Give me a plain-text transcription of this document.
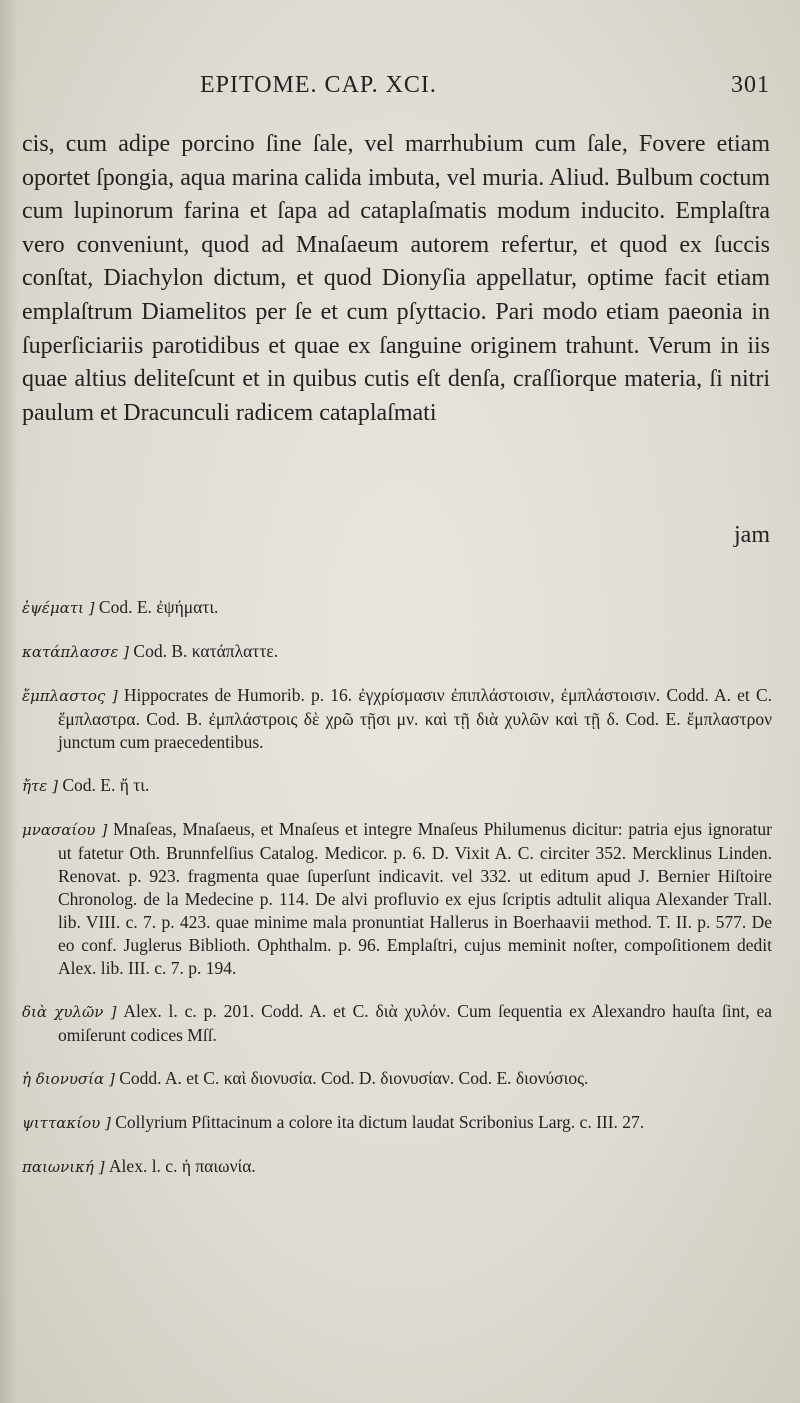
EPITOME. CAP. XCI.	301

cis, cum adipe porcino ſine ſale, vel marrhubium cum ſale, Fovere etiam oportet ſpongia, aqua marina calida imbuta, vel muria. Aliud. Bulbum coctum cum lupinorum farina et ſapa ad cataplaſmatis modum inducito. Emplaſtra vero conveniunt, quod ad Mnaſaeum autorem refertur, et quod ex ſuccis conſtat, Diachylon dictum, et quod Dionyſia appellatur, optime facit etiam emplaſtrum Diamelitos per ſe et cum pſyttacio. Pari modo etiam paeonia in ſuperſiciariis parotidibus et quae ex ſanguine originem trahunt. Verum in iis quae altius deliteſcunt et in quibus cutis eſt denſa, craſſiorque materia, ſi nitri paulum et Dracunculi radicem cataplaſmati

jam
ἐψέματι ] Cod. E. ἐψήματι.
κατάπλασσε ] Cod. B. κατάπλαττε.
ἔμπλαστος ] Hippocrates de Humorib. p. 16. ἐγχρίσμασιν ἐπιπλάστοισιν, ἐμπλάστοισιν. Codd. A. et C. ἔμπλαστρα. Cod. B. ἐμπλάστροις δὲ χρῶ τῇσι μν. καὶ τῇ διὰ χυλῶν καὶ τῇ δ. Cod. E. ἔμπλαστρον junctum cum praecedentibus.
ἤτε ] Cod. E. ἤ τι.
μνασαίου ] Mnaſeas, Mnaſaeus, et Mnaſeus et integre Mnaſeus Philumenus dicitur: patria ejus ignoratur ut fatetur Oth. Brunnfelſius Catalog. Medicor. p. 6. D. Vixit A. C. circiter 352. Mercklinus Linden. Renovat. p. 923. fragmenta quae ſuperſunt indicavit. vel 332. ut editum apud J. Bernier Hiſtoire Chronolog. de la Medecine p. 114. De alvi profluvio ex ejus ſcriptis adtulit aliqua Alexander Trall. lib. VIII. c. 7. p. 423. quae minime mala pronuntiat Hallerus in Boerhaavii method. T. II. p. 577. De eo conf. Juglerus Biblioth. Ophthalm. p. 96. Emplaſtri, cujus meminit noſter, compoſitionem dedit Alex. lib. III. c. 7. p. 194.
διὰ χυλῶν ] Alex. l. c. p. 201. Codd. A. et C. διὰ χυλόν. Cum ſequentia ex Alexandro hauſta ſint, ea omiſerunt codices Mſſ.
ἡ διονυσία ] Codd. A. et C. καὶ διονυσία. Cod. D. διονυσίαν. Cod. E. διονύσιος.
ψιττακίου ] Collyrium Pſittacinum a colore ita dictum laudat Scribonius Larg. c. III. 27.
παιωνική ] Alex. l. c. ἡ παιωνία.
